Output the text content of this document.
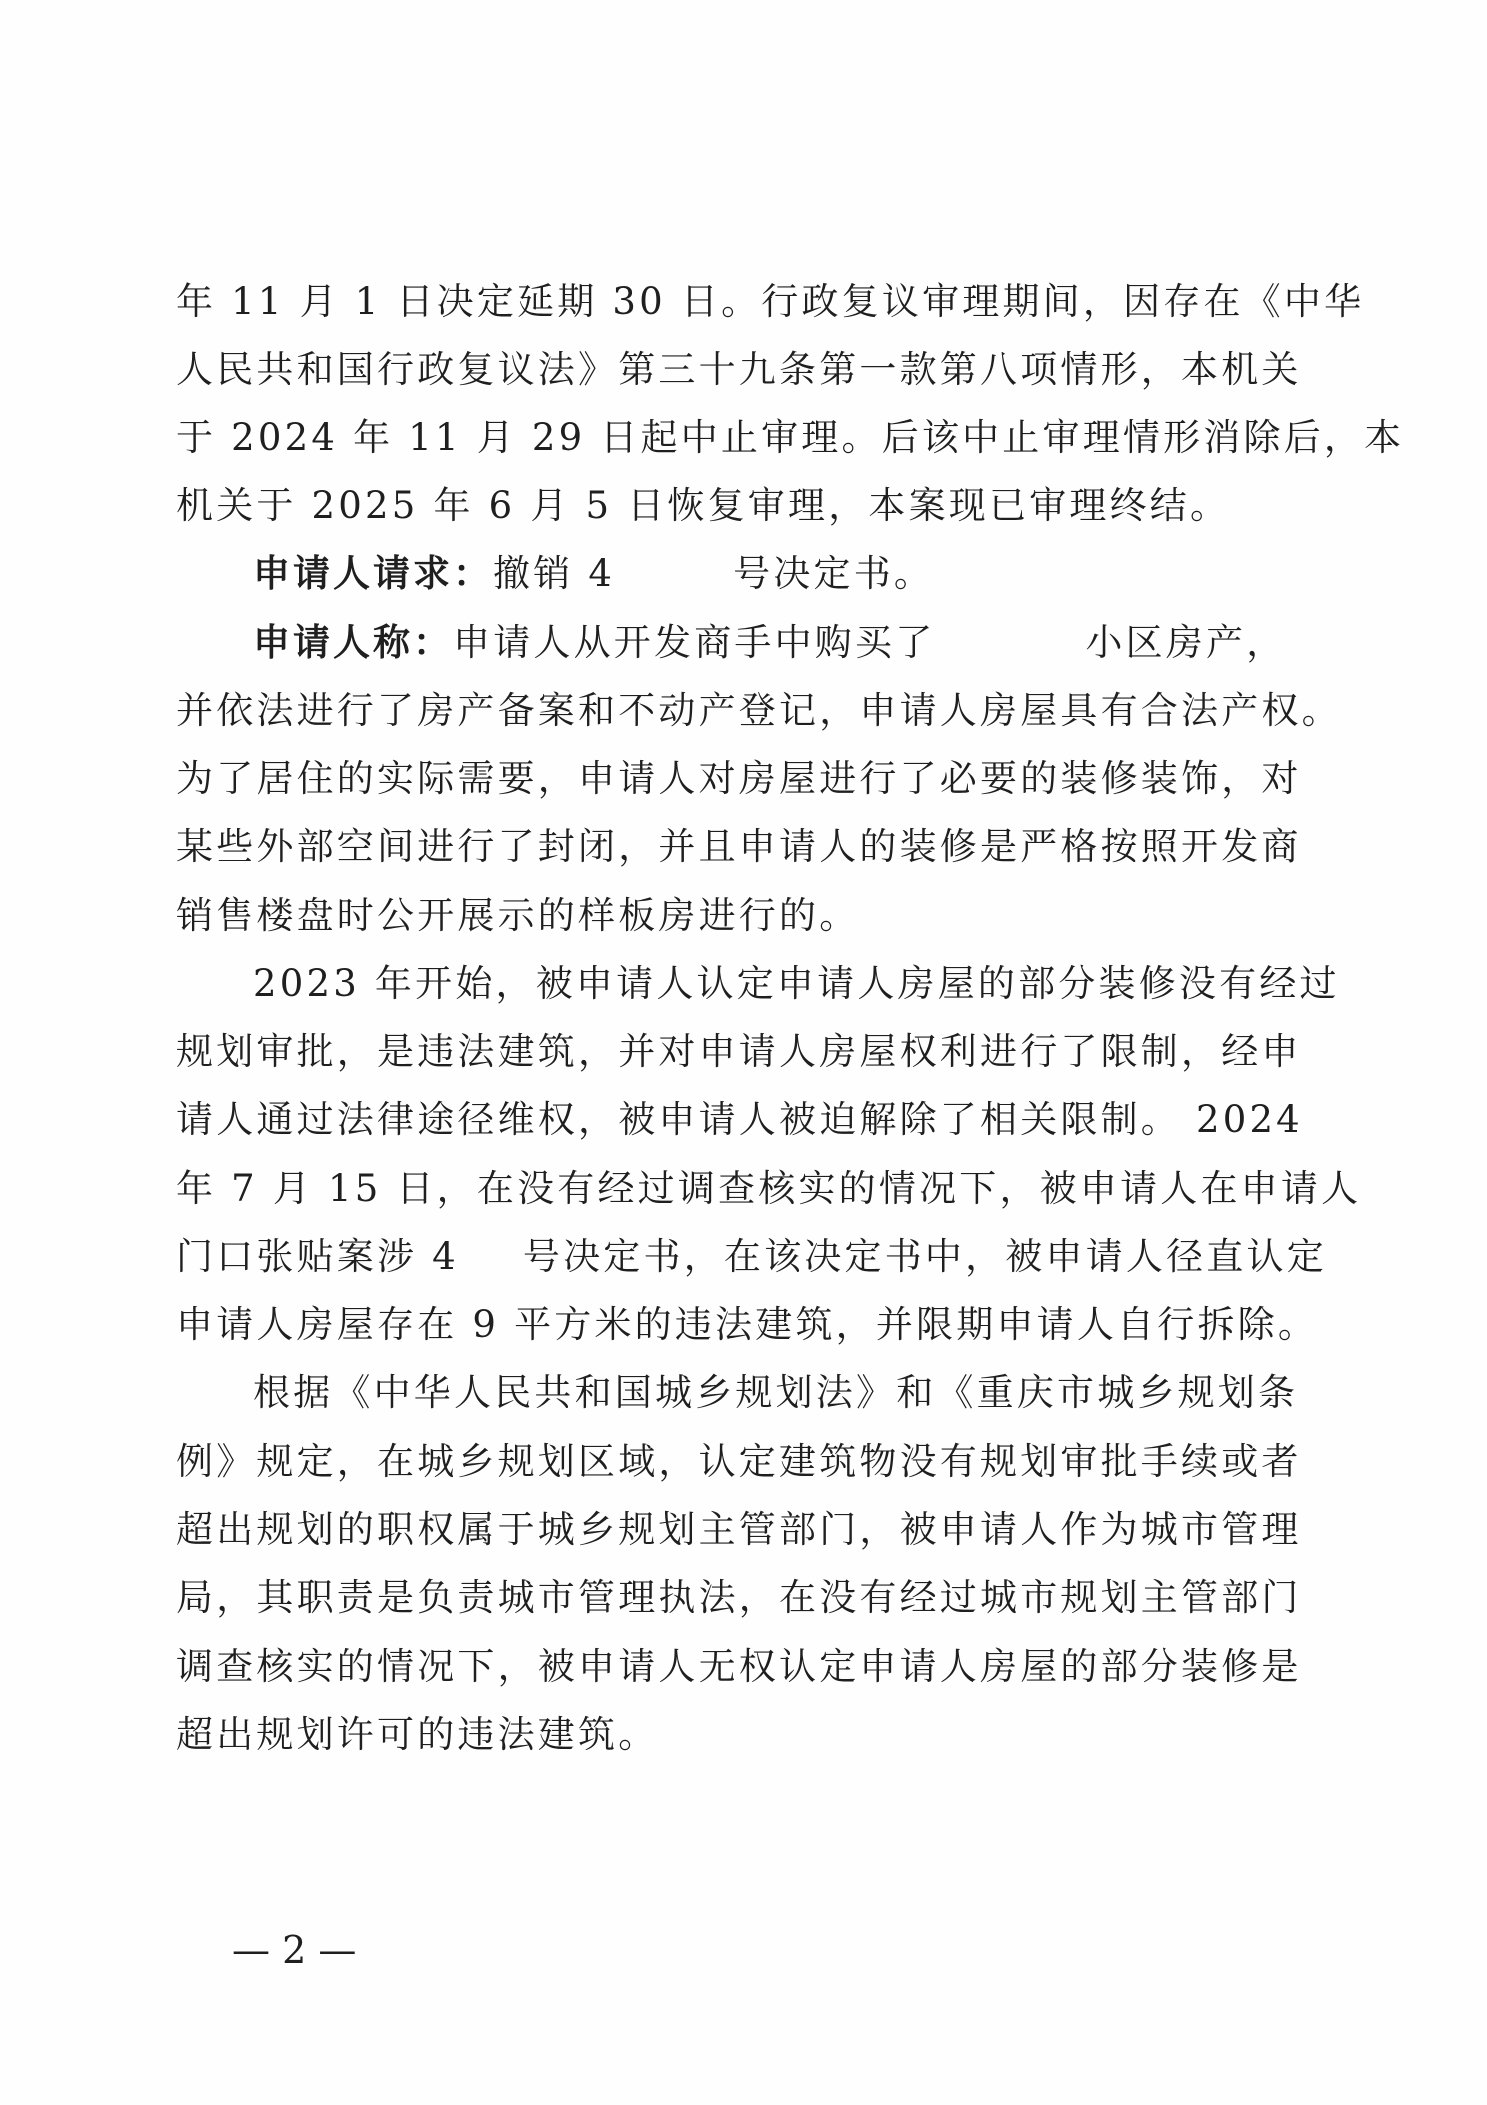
年 11 月 1 日决定延期 30 日。行政复议审理期间，因存在《中华
人民共和国行政复议法》第三十九条第一款第八项情形，本机关
于 2024 年 11 月 29 日起中止审理。后该中止审理情形消除后，本
机关于 2025 年 6 月 5 日恢复审理，本案现已审理终结。
申请人请求：撤销 4	号决定书。
申请人称：申请人从开发商手中购买了	小区房产，
并依法进行了房产备案和不动产登记，申请人房屋具有合法产权。
为了居住的实际需要，申请人对房屋进行了必要的装修装饰，对
某些外部空间进行了封闭，并且申请人的装修是严格按照开发商
销售楼盘时公开展示的样板房进行的。
2023 年开始，被申请人认定申请人房屋的部分装修没有经过
规划审批，是违法建筑，并对申请人房屋权利进行了限制，经申
请人通过法律途径维权，被申请人被迫解除了相关限制。 2024
年 7 月 15 日，在没有经过调查核实的情况下，被申请人在申请人
门口张贴案涉 4 号决定书，在该决定书中，被申请人径直认定
申请人房屋存在 9 平方米的违法建筑，并限期申请人自行拆除。
根据《中华人民共和国城乡规划法》和《重庆市城乡规划条
例》规定，在城乡规划区域，认定建筑物没有规划审批手续或者
超出规划的职权属于城乡规划主管部门，被申请人作为城市管理
局，其职责是负责城市管理执法，在没有经过城市规划主管部门
调查核实的情况下，被申请人无权认定申请人房屋的部分装修是
超出规划许可的违法建筑。
— 2 —
